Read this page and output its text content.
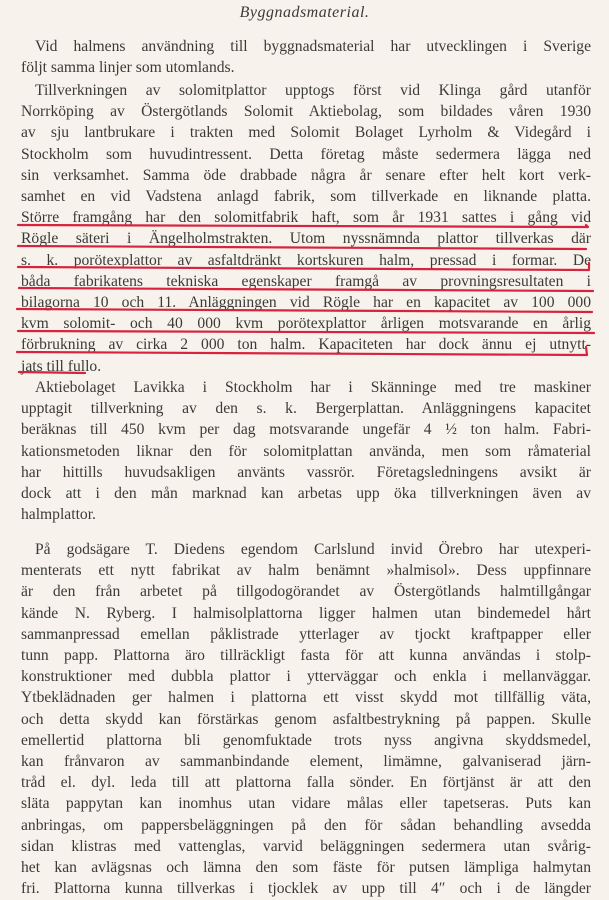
Byggnadsmaterial.
Vid halmens användning till byggnadsmaterial har utvecklingen i Sverige
följt samma linjer som utomlands.
Tillverkningen av solomitplattor upptogs först vid Klinga gård utanför
Norrköping av Östergötlands Solomit Aktiebolag, som bildades våren 1930
av sju lantbrukare i trakten med Solomit Bolaget Lyrholm & Videgård i
Stockholm som huvudintressent. Detta företag måste sedermera lägga ned
sin verksamhet. Samma öde drabbade några år senare efter helt kort verk-
samhet en vid Vadstena anlagd fabrik, som tillverkade en liknande platta.
Större framgång har den solomitfabrik haft, som år 1931 sattes i gång vid
Rögle säteri i Ängelholmstrakten. Utom nyssnämnda plattor tillverkas där
s. k. porötexplattor av asfaltdränkt kortskuren halm, pressad i formar. De
båda fabrikatens tekniska egenskaper framgå av provningsresultaten i
bilagorna 10 och 11. Anläggningen vid Rögle har en kapacitet av 100 000
kvm solomit- och 40 000 kvm porötexplattor årligen motsvarande en årlig
förbrukning av cirka 2 000 ton halm. Kapaciteten har dock ännu ej utnytt-
jats till fullo.
Aktiebolaget Lavikka i Stockholm har i Skänninge med tre maskiner
upptagit tillverkning av den s. k. Bergerplattan. Anläggningens kapacitet
beräknas till 450 kvm per dag motsvarande ungefär 4 ½ ton halm. Fabri-
kationsmetoden liknar den för solomitplattan använda, men som råmaterial
har hittills huvudsakligen använts vassrör. Företagsledningens avsikt är
dock att i den mån marknad kan arbetas upp öka tillverkningen även av
halmplattor.
På godsägare T. Diedens egendom Carlslund invid Örebro har utexperi-
menterats ett nytt fabrikat av halm benämnt »halmisol». Dess uppfinnare
är den från arbetet på tillgodogörandet av Östergötlands halmtillgångar
kände N. Ryberg. I halmisolplattorna ligger halmen utan bindemedel hårt
sammanpressad emellan påklistrade ytterlager av tjockt kraftpapper eller
tunn papp. Plattorna äro tillräckligt fasta för att kunna användas i stolp-
konstruktioner med dubbla plattor i ytterväggar och enkla i mellanväggar.
Ytbeklädnaden ger halmen i plattorna ett visst skydd mot tillfällig väta,
och detta skydd kan förstärkas genom asfaltbestrykning på pappen. Skulle
emellertid plattorna bli genomfuktade trots nyss angivna skyddsmedel,
kan frånvaron av sammanbindande element, limämne, galvaniserad järn-
tråd el. dyl. leda till att plattorna falla sönder. En förtjänst är att den
släta pappytan kan inomhus utan vidare målas eller tapetseras. Puts kan
anbringas, om pappersbeläggningen på den för sådan behandling avsedda
sidan klistras med vattenglas, varvid beläggningen sedermera utan svårig-
het kan avlägsnas och lämna den som fäste för putsen lämpliga halmytan
fri. Plattorna kunna tillverkas i tjocklek av upp till 4″ och i de längder
